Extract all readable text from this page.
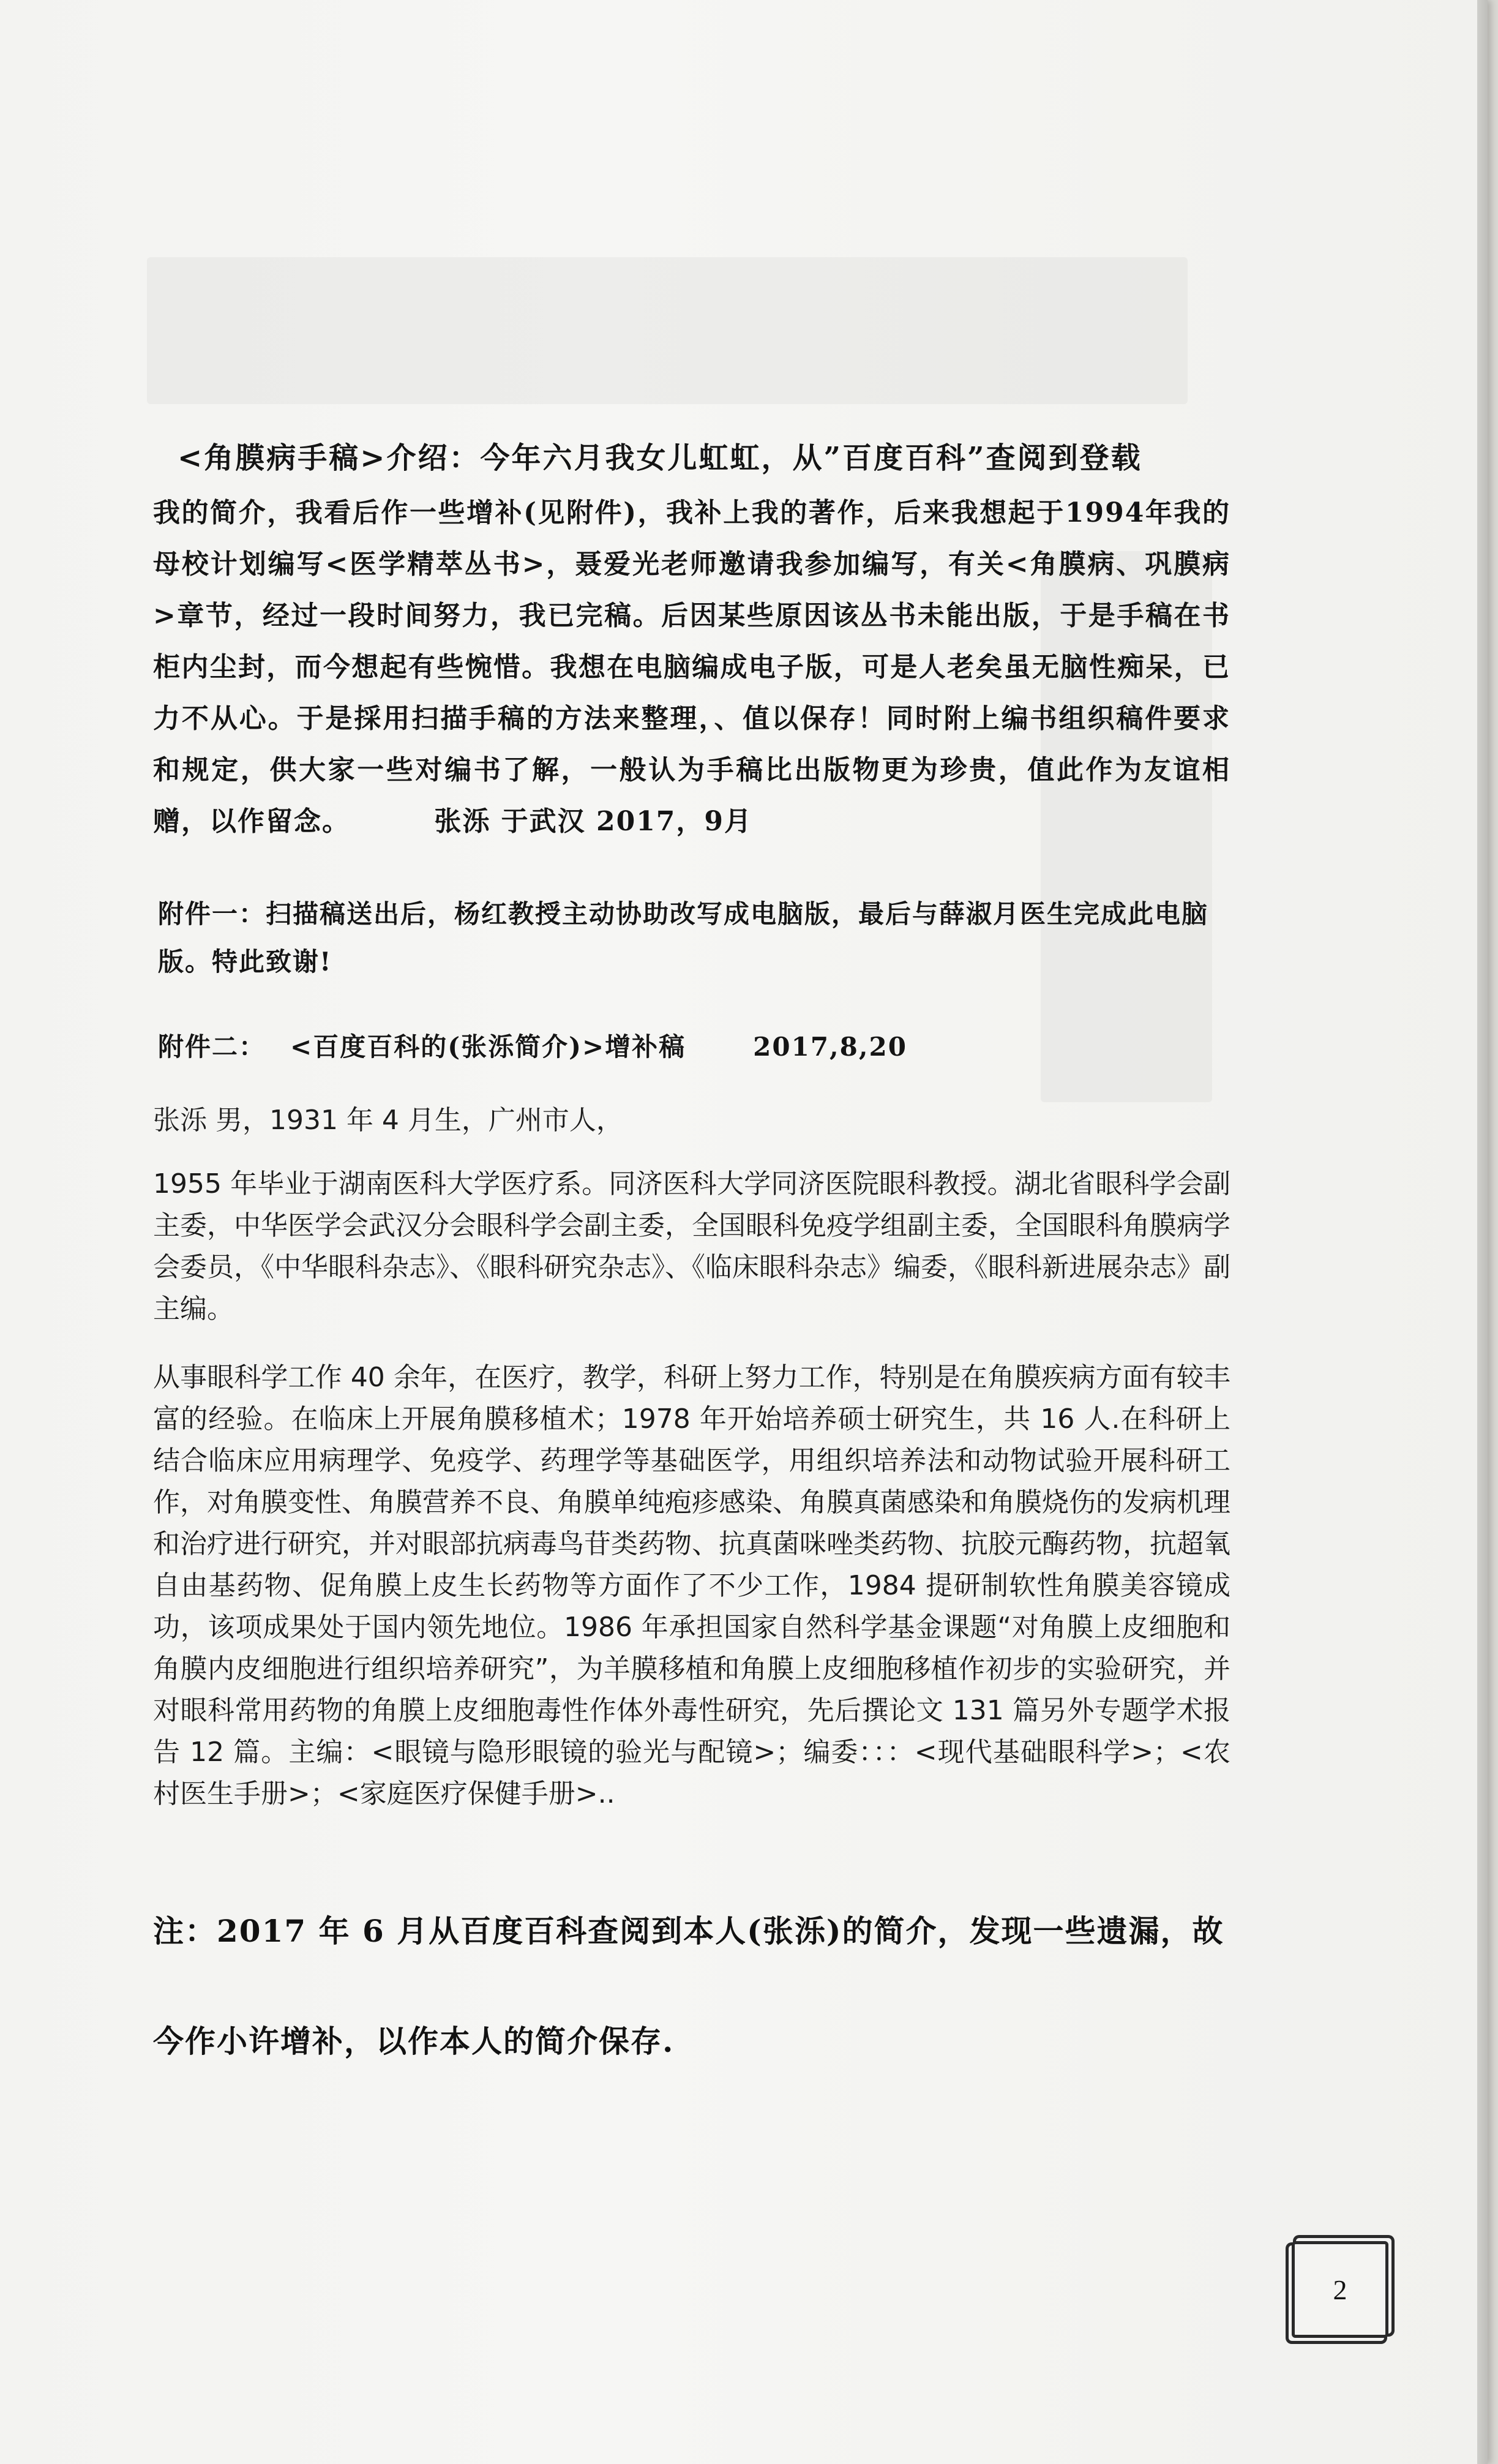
<角膜病手稿>介绍：今年六月我女儿虹虹，从”百度百科”查阅到登载
我的简介，我看后作一些增补(见附件)，我补上我的著作，后来我想起于1994年我的母校计划编写<医学精萃丛书>，聂爱光老师邀请我参加编写，有关<角膜病、巩膜病>章节，经过一段时间努力，我已完稿。后因某些原因该丛书未能出版，于是手稿在书柜内尘封，而今想起有些惋惜。我想在电脑编成电子版，可是人老矣虽无脑性痴呆，已力不从心。于是採用扫描手稿的方法来整理，、值以保存！同时附上编书组织稿件要求和规定，供大家一些对编书了解，一般认为手稿比出版物更为珍贵，值此作为友谊相赠，以作留念。	张泺 于武汉 2017，9月
附件一：扫描稿送出后，杨红教授主动协助改写成电脑版，最后与薛淑月医生完成此电脑版。特此致谢!
附件二： <百度百科的(张泺简介)>增补稿	2017,8,20
张泺 男，1931 年 4 月生，广州市人，
1955 年毕业于湖南医科大学医疗系。同济医科大学同济医院眼科教授。湖北省眼科学会副主委，中华医学会武汉分会眼科学会副主委，全国眼科免疫学组副主委，全国眼科角膜病学会委员，《中华眼科杂志》、《眼科研究杂志》、《临床眼科杂志》编委，《眼科新进展杂志》副主编。
从事眼科学工作 40 余年，在医疗，教学，科研上努力工作，特别是在角膜疾病方面有较丰富的经验。在临床上开展角膜移植术；1978 年开始培养硕士研究生，共 16 人.在科研上结合临床应用病理学、免疫学、药理学等基础医学，用组织培养法和动物试验开展科研工作，对角膜变性、角膜营养不良、角膜单纯疱疹感染、角膜真菌感染和角膜烧伤的发病机理和治疗进行研究，并对眼部抗病毒鸟苷类药物、抗真菌咪唑类药物、抗胶元酶药物，抗超氧自由基药物、促角膜上皮生长药物等方面作了不少工作，1984 提研制软性角膜美容镜成功，该项成果处于国内领先地位。1986 年承担国家自然科学基金课题“对角膜上皮细胞和角膜内皮细胞进行组织培养研究”，为羊膜移植和角膜上皮细胞移植作初步的实验研究，并对眼科常用药物的角膜上皮细胞毒性作体外毒性研究，先后撰论文 131 篇另外专题学术报告 12 篇。主编：<眼镜与隐形眼镜的验光与配镜>；编委：：：<现代基础眼科学>；<农村医生手册>；<家庭医疗保健手册>..
注：2017 年 6 月从百度百科查阅到本人(张泺)的简介，发现一些遗漏，故
今作小许增补，以作本人的简介保存.
2
